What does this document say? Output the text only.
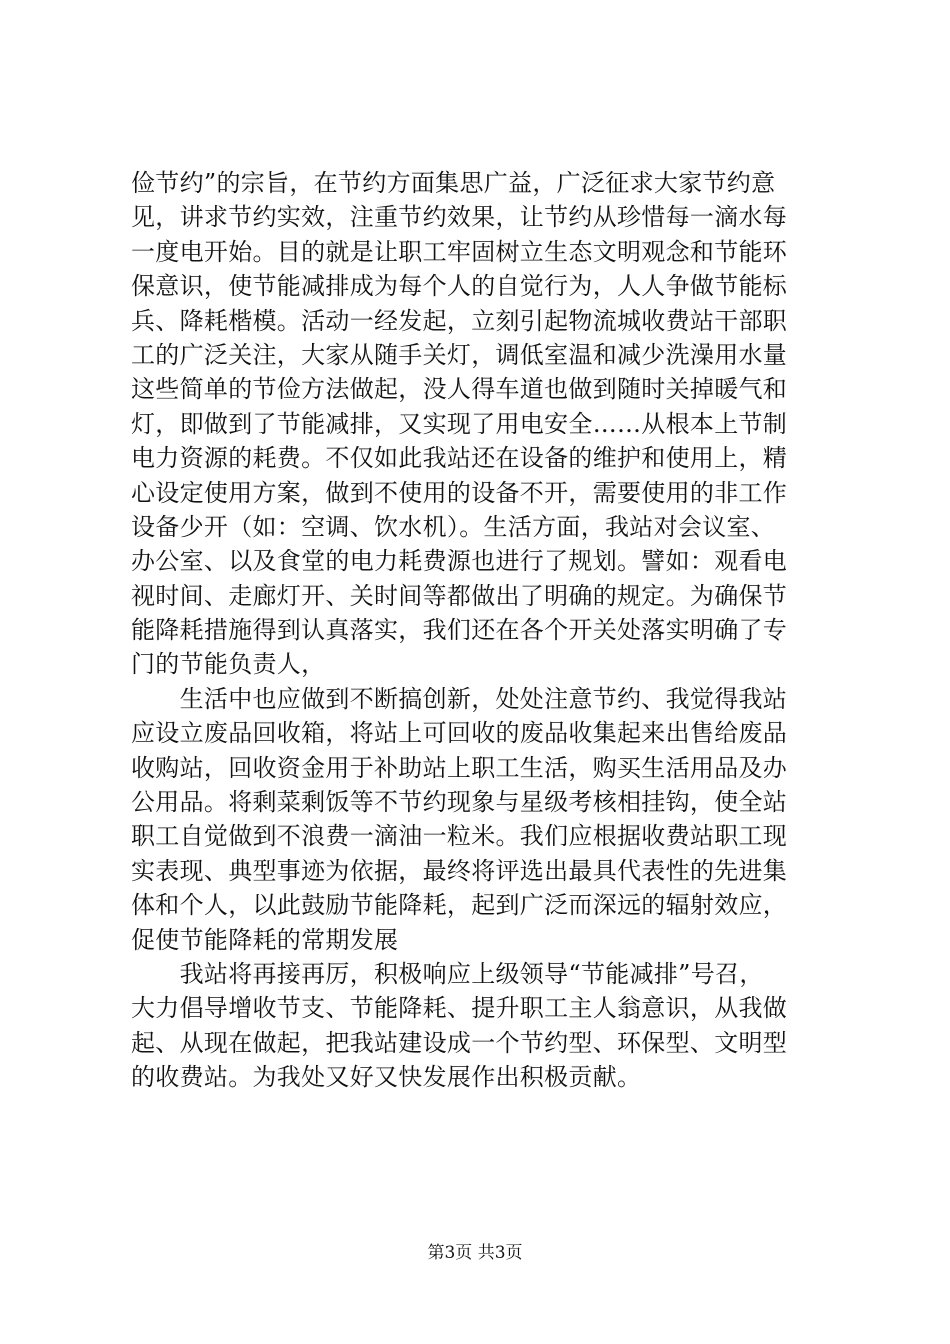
俭节约”的宗旨，在节约方面集思广益，广泛征求大家节约意
见，讲求节约实效，注重节约效果，让节约从珍惜每一滴水每
一度电开始。目的就是让职工牢固树立生态文明观念和节能环
保意识，使节能减排成为每个人的自觉行为，人人争做节能标
兵、降耗楷模。活动一经发起，立刻引起物流城收费站干部职
工的广泛关注，大家从随手关灯，调低室温和减少洗澡用水量
这些简单的节俭方法做起，没人得车道也做到随时关掉暖气和
灯，即做到了节能减排，又实现了用电安全……从根本上节制
电力资源的耗费。不仅如此我站还在设备的维护和使用上，精
心设定使用方案，做到不使用的设备不开，需要使用的非工作
设备少开（如：空调、饮水机）。生活方面，我站对会议室、
办公室、以及食堂的电力耗费源也进行了规划。譬如：观看电
视时间、走廊灯开、关时间等都做出了明确的规定。为确保节
能降耗措施得到认真落实，我们还在各个开关处落实明确了专
门的节能负责人，
　　生活中也应做到不断搞创新，处处注意节约、我觉得我站
应设立废品回收箱，将站上可回收的废品收集起来出售给废品
收购站，回收资金用于补助站上职工生活，购买生活用品及办
公用品。将剩菜剩饭等不节约现象与星级考核相挂钩，使全站
职工自觉做到不浪费一滴油一粒米。我们应根据收费站职工现
实表现、典型事迹为依据，最终将评选出最具代表性的先进集
体和个人，以此鼓励节能降耗，起到广泛而深远的辐射效应，
促使节能降耗的常期发展
　　我站将再接再厉，积极响应上级领导“节能减排”号召，
大力倡导增收节支、节能降耗、提升职工主人翁意识，从我做
起、从现在做起，把我站建设成一个节约型、环保型、文明型
的收费站。为我处又好又快发展作出积极贡献。
第3页 共3页
